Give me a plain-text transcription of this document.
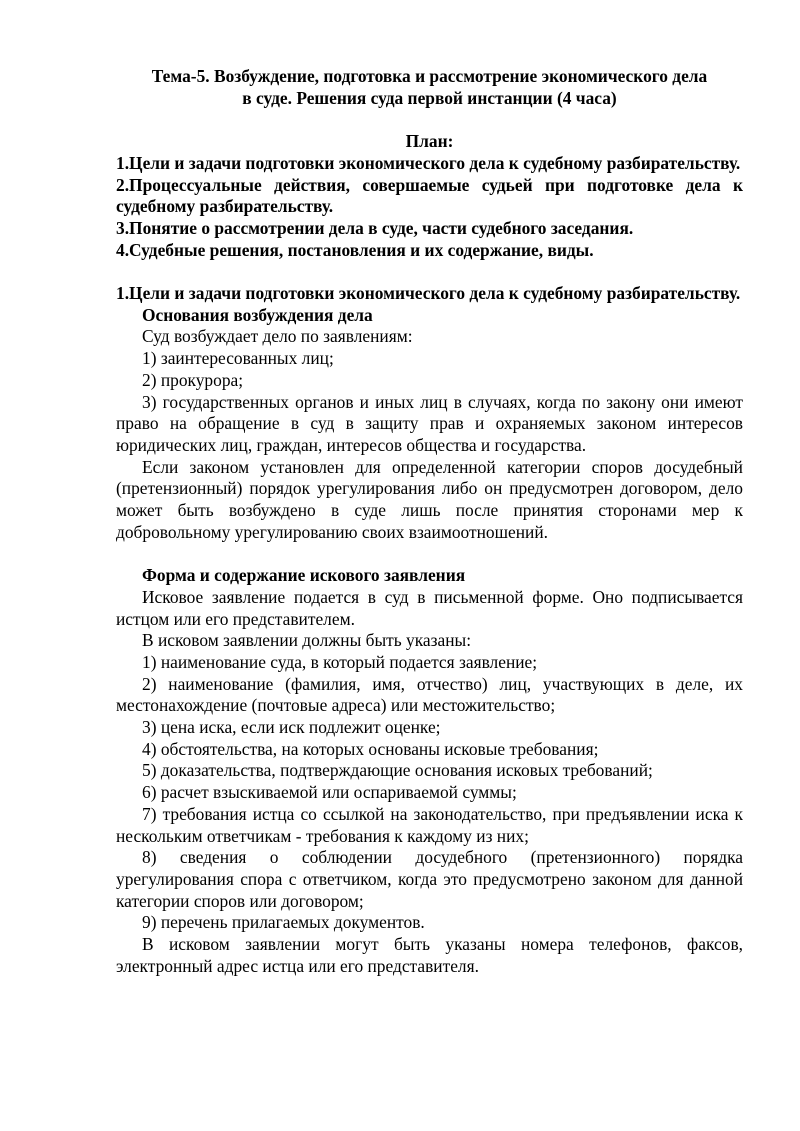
Тема-5. Возбуждение, подготовка и рассмотрение экономического дела

в суде. Решения суда первой инстанции (4 часа)

План:

1.Цели и задачи подготовки экономического дела к судебному разбирательству.

2.Процессуальные действия, совершаемые судьей при подготовке дела к судебному разбирательству.

3.Понятие о рассмотрении дела в суде, части судебного заседания.

4.Судебные решения, постановления и их содержание, виды.

1.Цели и задачи подготовки экономического дела к судебному разбирательству.

Основания возбуждения дела

Суд возбуждает дело по заявлениям:

1) заинтересованных лиц;

2) прокурора;

3) государственных органов и иных лиц в случаях, когда по закону они имеют право на обращение в суд в защиту прав и охраняемых законом интересов юридических лиц, граждан, интересов общества и государства.

Если законом установлен для определенной категории споров досудебный (претензионный) порядок урегулирования либо он предусмотрен договором, дело может быть возбуждено в суде лишь после принятия сторонами мер к добровольному урегулированию своих взаимоотношений.

Форма и содержание искового заявления

Исковое заявление подается в суд в письменной форме. Оно подписывается истцом или его представителем.

В исковом заявлении должны быть указаны:

1) наименование суда, в который подается заявление;

2) наименование (фамилия, имя, отчество) лиц, участвующих в деле, их местонахождение (почтовые адреса) или местожительство;

3) цена иска, если иск подлежит оценке;

4) обстоятельства, на которых основаны исковые требования;

5) доказательства, подтверждающие основания исковых требований;

6) расчет взыскиваемой или оспариваемой суммы;

7) требования истца со ссылкой на законодательство, при предъявлении иска к нескольким ответчикам - требования к каждому из них;

8) сведения о соблюдении досудебного (претензионного) порядка урегулирования спора с ответчиком, когда это предусмотрено законом для данной категории споров или договором;

9) перечень прилагаемых документов.

В исковом заявлении могут быть указаны номера телефонов, факсов, электронный адрес истца или его представителя.
